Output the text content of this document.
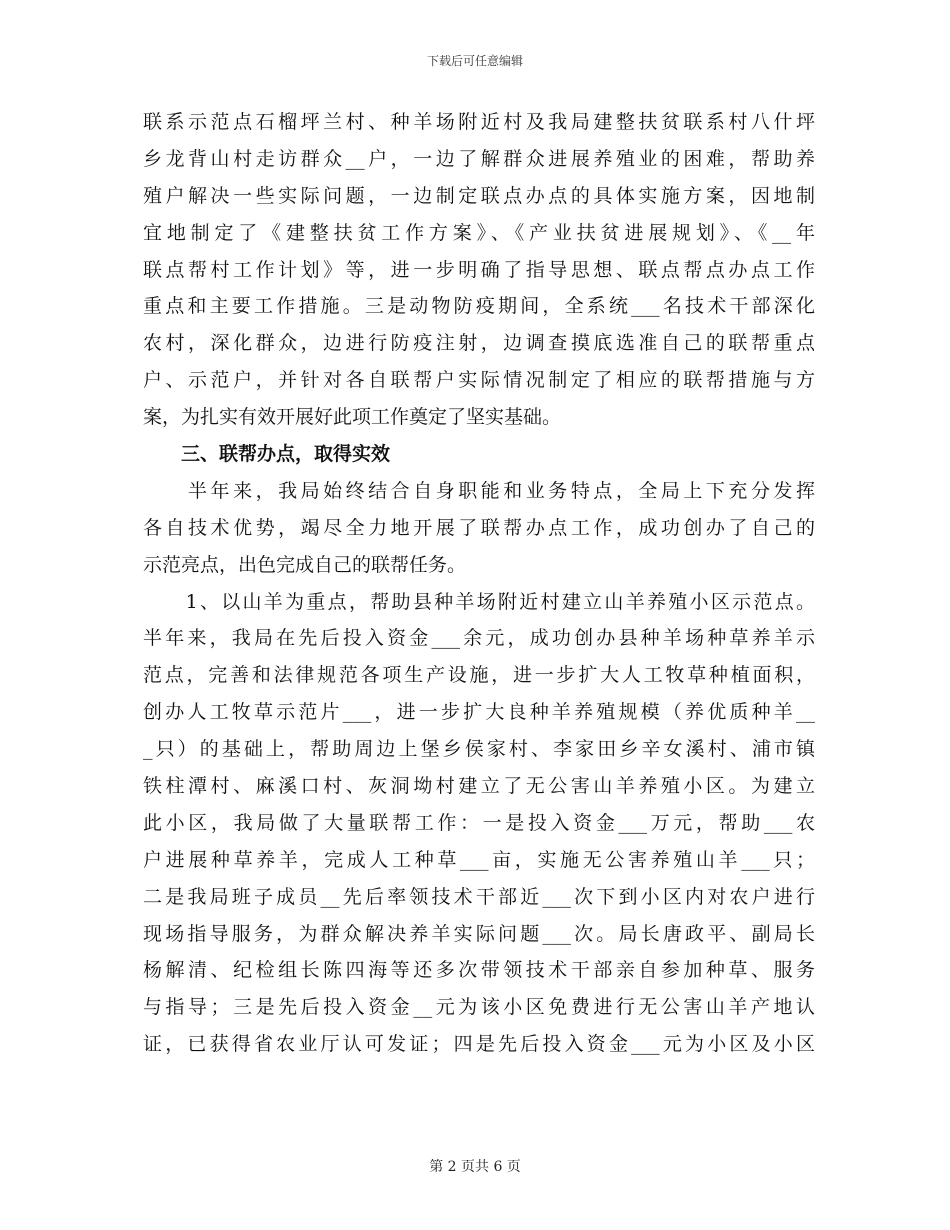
下载后可任意编辑
联系示范点石榴坪兰村、种羊场附近村及我局建整扶贫联系村八什坪
乡龙背山村走访群众__户，一边了解群众进展养殖业的困难，帮助养
殖户解决一些实际问题，一边制定联点办点的具体实施方案，因地制
宜地制定了《建整扶贫工作方案》、《产业扶贫进展规划》、《__年
联点帮村工作计划》等，进一步明确了指导思想、联点帮点办点工作
重点和主要工作措施。三是动物防疫期间，全系统___名技术干部深化
农村，深化群众，边进行防疫注射，边调查摸底选准自己的联帮重点
户、示范户，并针对各自联帮户实际情况制定了相应的联帮措施与方
案，为扎实有效开展好此项工作奠定了坚实基础。
三、联帮办点，取得实效
　　半年来，我局始终结合自身职能和业务特点，全局上下充分发挥
各自技术优势，竭尽全力地开展了联帮办点工作，成功创办了自己的
示范亮点，出色完成自己的联帮任务。
　　1、以山羊为重点，帮助县种羊场附近村建立山羊养殖小区示范点。
半年来，我局在先后投入资金___余元，成功创办县种羊场种草养羊示
范点，完善和法律规范各项生产设施，进一步扩大人工牧草种植面积，
创办人工牧草示范片___，进一步扩大良种羊养殖规模（养优质种羊__
_只）的基础上，帮助周边上堡乡侯家村、李家田乡辛女溪村、浦市镇
铁柱潭村、麻溪口村、灰洞坳村建立了无公害山羊养殖小区。为建立
此小区，我局做了大量联帮工作：一是投入资金___万元，帮助___农
户进展种草养羊，完成人工种草___亩，实施无公害养殖山羊___只；
二是我局班子成员__先后率领技术干部近___次下到小区内对农户进行
现场指导服务，为群众解决养羊实际问题___次。局长唐政平、副局长
杨解清、纪检组长陈四海等还多次带领技术干部亲自参加种草、服务
与指导；三是先后投入资金__元为该小区免费进行无公害山羊产地认
证，已获得省农业厅认可发证；四是先后投入资金___元为小区及小区
第 2 页共 6 页
